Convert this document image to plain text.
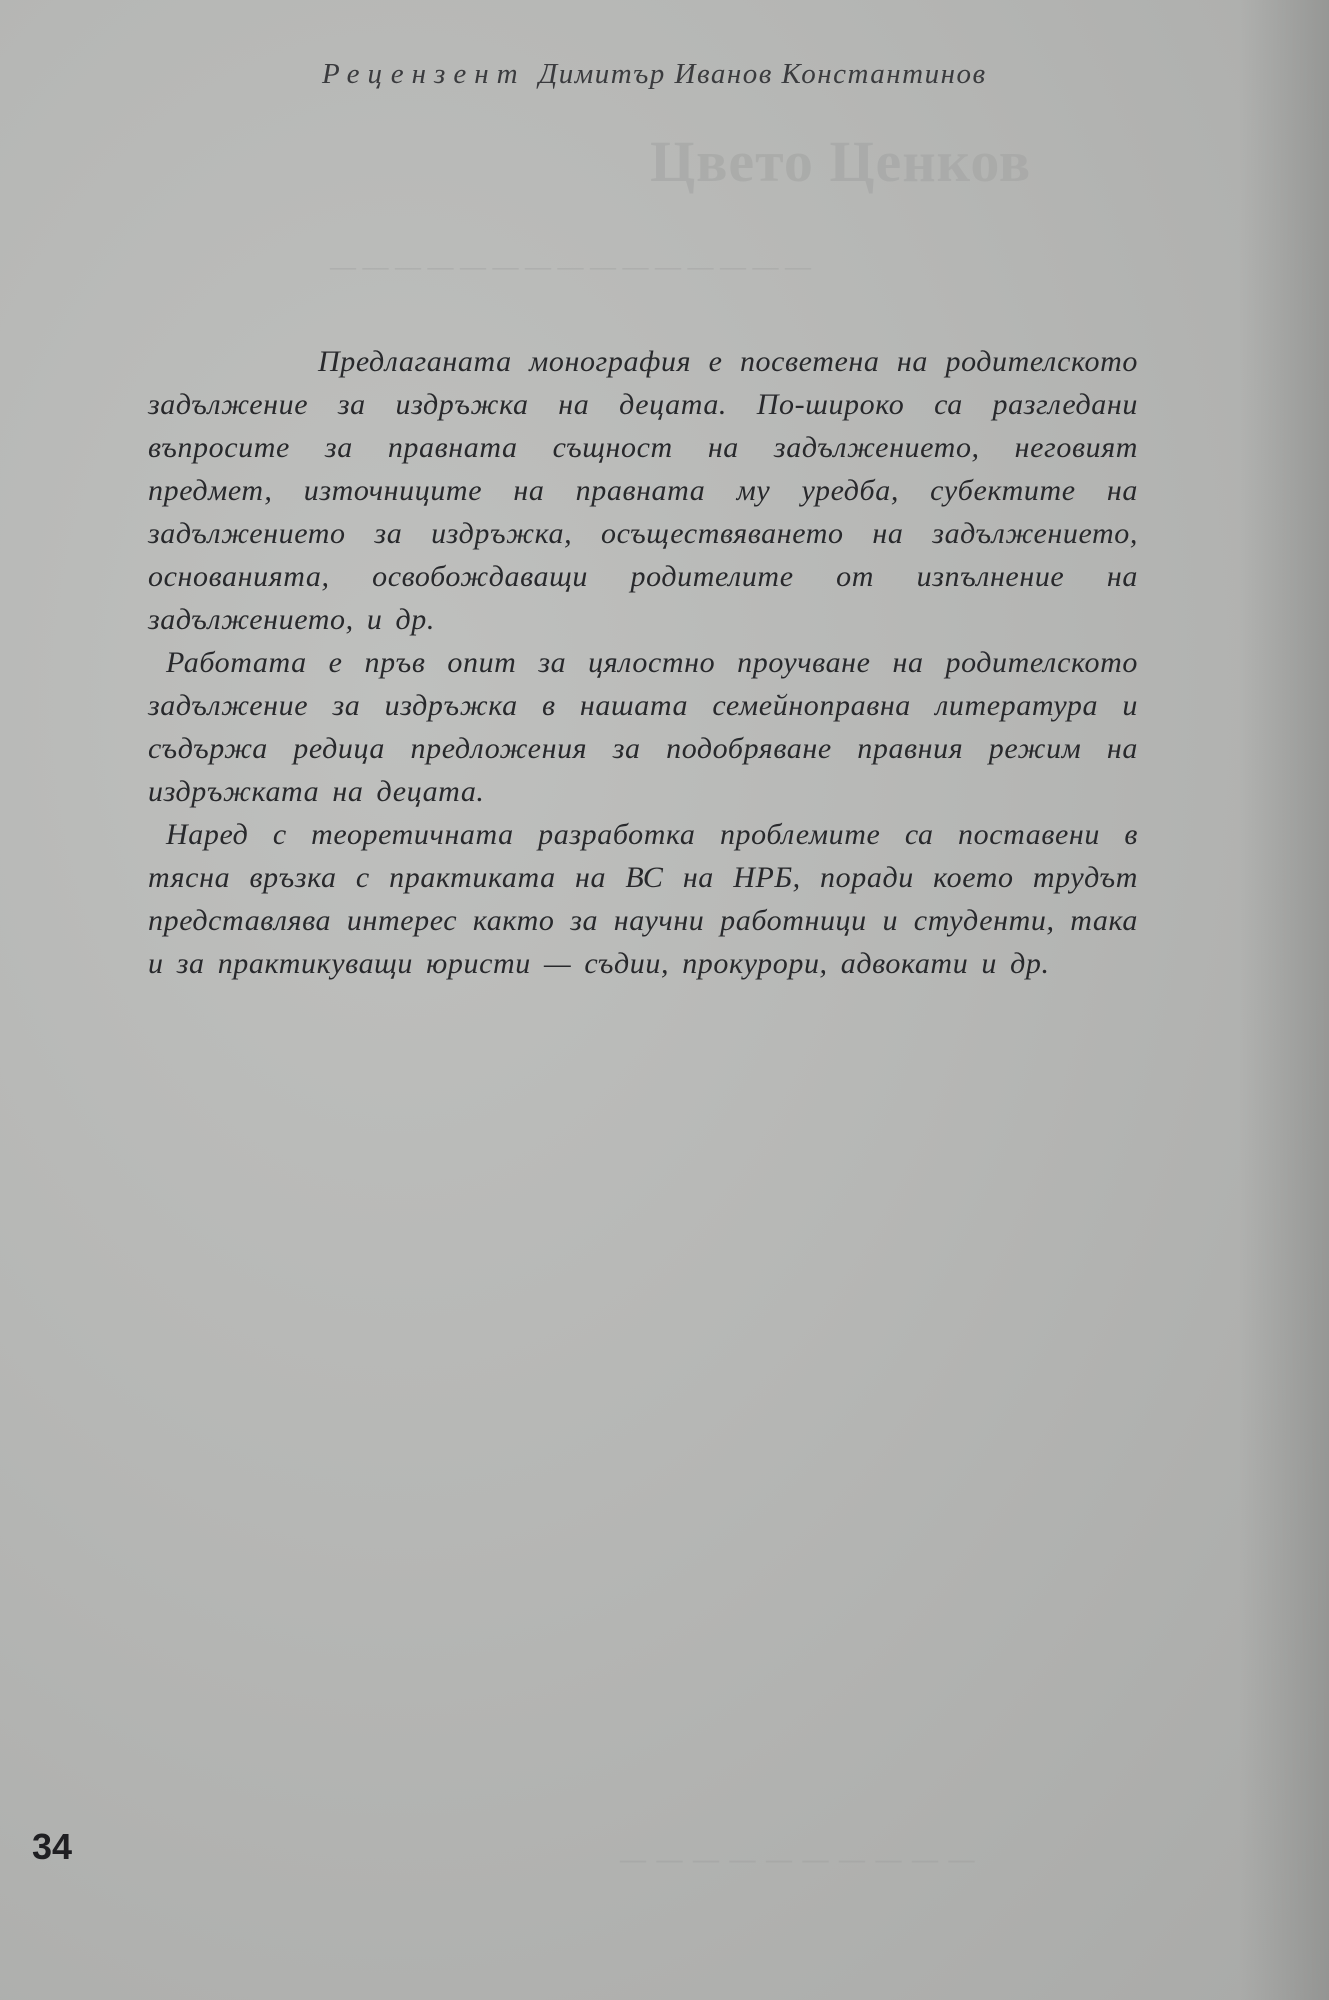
Цвето Ценков
— — — — — — — — — — — — — — —
— — — — — — — — — —
Рецензент Димитър Иванов Константинов

Предлаганата монография е посветена на родителското задължение за издръжка на децата. По-широко са разгледани въпросите за правната същност на задължението, неговият предмет, източниците на правната му уредба, субектите на задължението за издръжка, осъществяването на задължението, основанията, освобождаващи родителите от изпълнение на задължението, и др.

Работата е пръв опит за цялостно проучване на родителското задължение за издръжка в нашата семейноправна литература и съдържа редица предложения за подобряване правния режим на издръжката на децата.

Наред с теоретичната разработка проблемите са поставени в тясна връзка с практиката на ВС на НРБ, поради което трудът представлява интерес както за научни работници и студенти, така и за практикуващи юристи — съдии, прокурори, адвокати и др.

34
